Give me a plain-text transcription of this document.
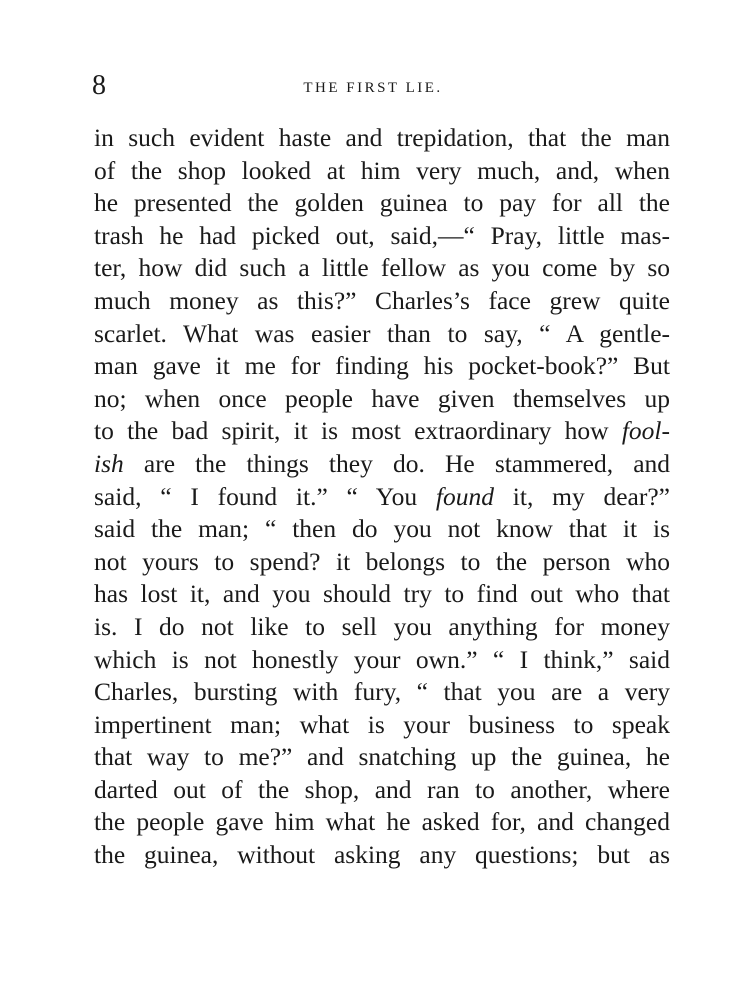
8	THE FIRST LIE.
in such evident haste and trepidation, that the man
of the shop looked at him very much, and, when
he presented the golden guinea to pay for all the
trash he had picked out, said,—“ Pray, little mas-
ter, how did such a little fellow as you come by so
much money as this?” Charles’s face grew quite
scarlet. What was easier than to say, “ A gentle-
man gave it me for finding his pocket-book?” But
no; when once people have given themselves up
to the bad spirit, it is most extraordinary how fool-
ish are the things they do. He stammered, and
said, “ I found it.” “ You found it, my dear?”
said the man; “ then do you not know that it is
not yours to spend? it belongs to the person who
has lost it, and you should try to find out who that
is. I do not like to sell you anything for money
which is not honestly your own.” “ I think,” said
Charles, bursting with fury, “ that you are a very
impertinent man; what is your business to speak
that way to me?” and snatching up the guinea, he
darted out of the shop, and ran to another, where
the people gave him what he asked for, and changed
the guinea, without asking any questions; but as
